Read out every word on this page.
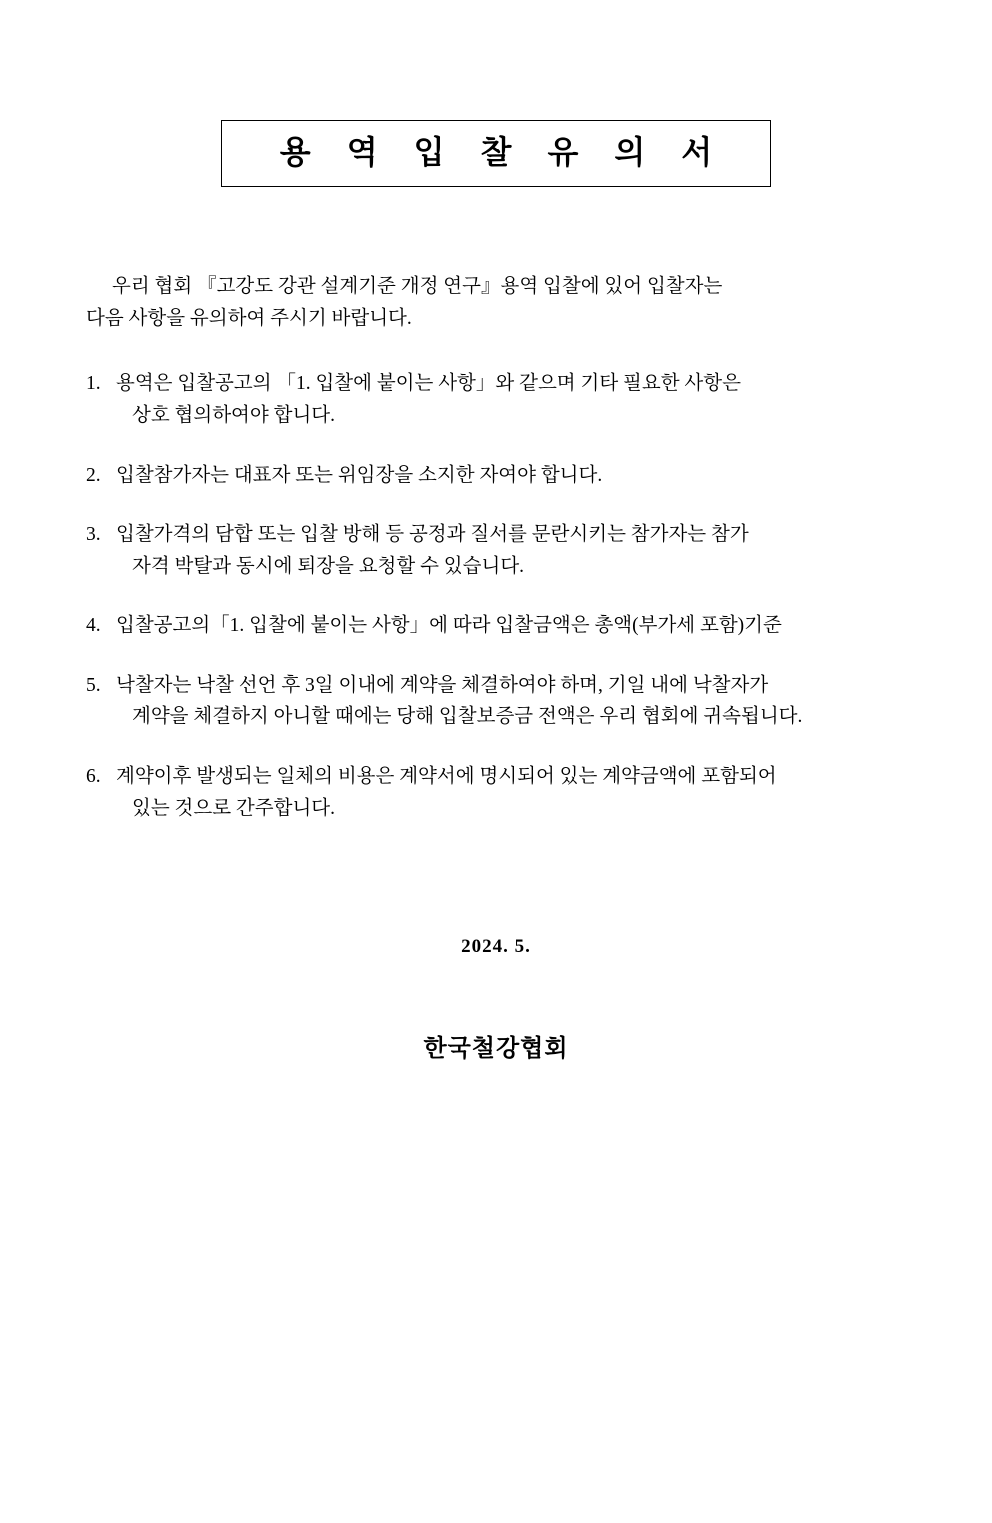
용 역 입 찰 유 의 서
우리 협회 『고강도 강관 설계기준 개정 연구』용역 입찰에 있어 입찰자는
다음 사항을 유의하여 주시기 바랍니다.
1. 용역은 입찰공고의 「1. 입찰에 붙이는 사항」와 같으며 기타 필요한 사항은
상호 협의하여야 합니다.
2. 입찰참가자는 대표자 또는 위임장을 소지한 자여야 합니다.
3. 입찰가격의 담합 또는 입찰 방해 등 공정과 질서를 문란시키는 참가자는 참가
자격 박탈과 동시에 퇴장을 요청할 수 있습니다.
4. 입찰공고의「1. 입찰에 붙이는 사항」에 따라 입찰금액은 총액(부가세 포함)기준
5. 낙찰자는 낙찰 선언 후 3일 이내에 계약을 체결하여야 하며, 기일 내에 낙찰자가
계약을 체결하지 아니할 때에는 당해 입찰보증금 전액은 우리 협회에 귀속됩니다.
6. 계약이후 발생되는 일체의 비용은 계약서에 명시되어 있는 계약금액에 포함되어
있는 것으로 간주합니다.
2024. 5.
한국철강협회
